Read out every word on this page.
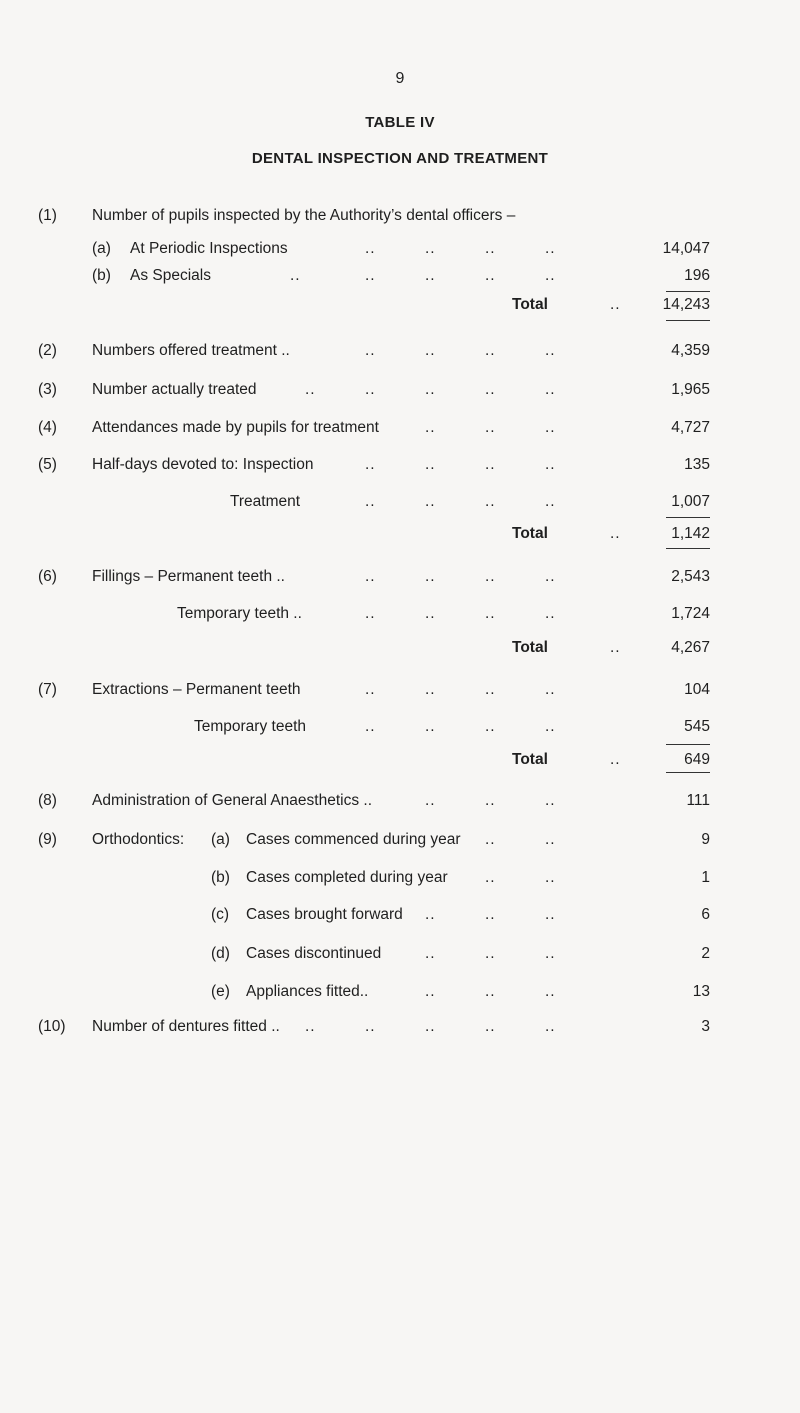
9
TABLE IV
DENTAL INSPECTION AND TREATMENT
(1) Number of pupils inspected by the Authority’s dental officers –
(a) At Periodic Inspections	..	..	..	..	14,047
(b) As Specials	..	..	..	..	..	196
Total	..	14,243
(2) Numbers offered treatment ..	..	..	..	..	4,359
(3) Number actually treated	..	..	..	..	..	1,965
(4) Attendances made by pupils for treatment	..	..	..	4,727
(5) Half-days devoted to: Inspection	..	..	..	..	135
Treatment	..	..	..	..	1,007
Total	..	1,142
(6) Fillings – Permanent teeth ..	..	..	..	..	2,543
Temporary teeth ..	..	..	..	..	1,724
Total	..	4,267
(7) Extractions – Permanent teeth	..	..	..	..	104
Temporary teeth	..	..	..	..	545
Total	..	649
(8) Administration of General Anaesthetics ..	..	..	..	111
(9) Orthodontics: (a) Cases commenced during year ..	..	9
(b) Cases completed during year ..	..	1
(c) Cases brought forward ..	..	..	6
(d) Cases discontinued	..	..	..	2
(e) Appliances fitted..	..	..	..	13
(10) Number of dentures fitted .. ..	..	..	..	..	3
